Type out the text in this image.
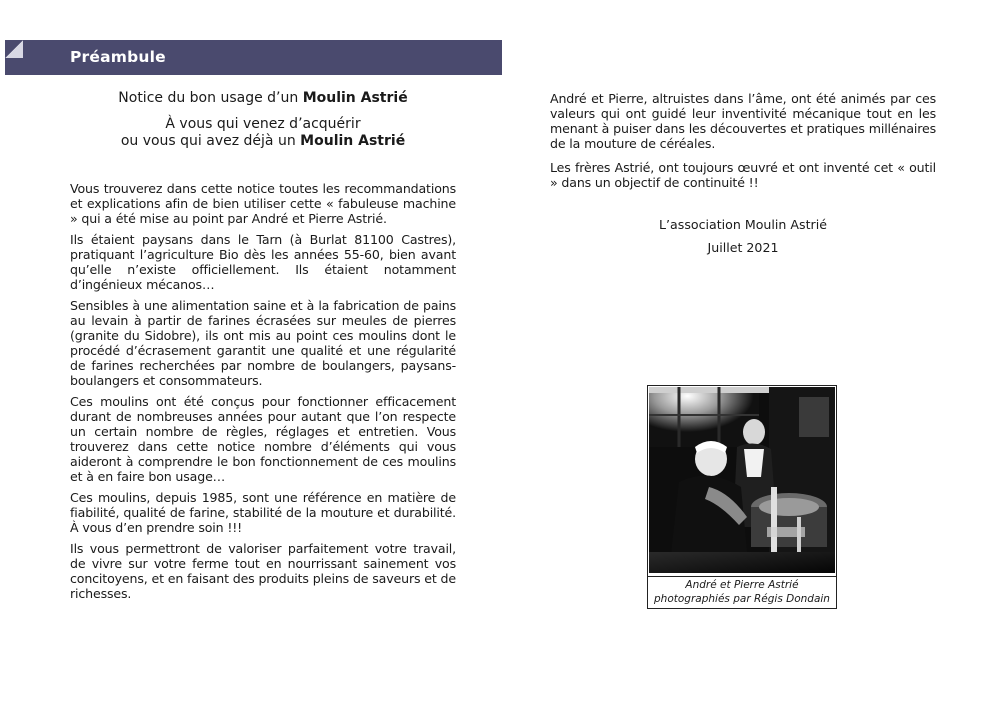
Préambule
Notice du bon usage d’un Moulin Astrié
À vous qui venez d’acquérir
ou vous qui avez déjà un Moulin Astrié

Vous trouverez dans cette notice toutes les recommandations et explications afin de bien utiliser cette « fabuleuse machine » qui a été mise au point par André et Pierre Astrié.

Ils étaient paysans dans le Tarn (à Burlat 81100 Castres), pratiquant l’agriculture Bio dès les années 55-60, bien avant qu’elle n’existe officiellement. Ils étaient notamment d’ingénieux mécanos…

Sensibles à une alimentation saine et à la fabrication de pains au levain à partir de farines écrasées sur meules de pierres (granite du Sidobre), ils ont mis au point ces moulins dont le procédé d’écrasement garantit une qualité et une régularité de farines recherchées par nombre de boulangers, paysans-boulangers et consommateurs.

Ces moulins ont été conçus pour fonctionner efficacement durant de nombreuses années pour autant que l’on respecte un certain nombre de règles, réglages et entretien. Vous trouverez dans cette notice nombre d’éléments qui vous aideront à comprendre le bon fonctionnement de ces moulins et à en faire bon usage…

Ces moulins, depuis 1985, sont une référence en matière de fiabilité, qualité de farine, stabilité de la mouture et durabilité. À vous d’en prendre soin !!!

Ils vous permettront de valoriser parfaitement votre travail, de vivre sur votre ferme tout en nourrissant sainement vos concitoyens, et en faisant des produits pleins de saveurs et de richesses.

André et Pierre, altruistes dans l’âme, ont été animés par ces valeurs qui ont guidé leur inventivité mécanique tout en les menant à puiser dans les découvertes et pratiques millénaires de la mouture de céréales.

Les frères Astrié, ont toujours œuvré et ont inventé cet « outil » dans un objectif de continuité !!

L’association Moulin Astrié
Juillet 2021
André et Pierre Astrié
photographiés par Régis Dondain
